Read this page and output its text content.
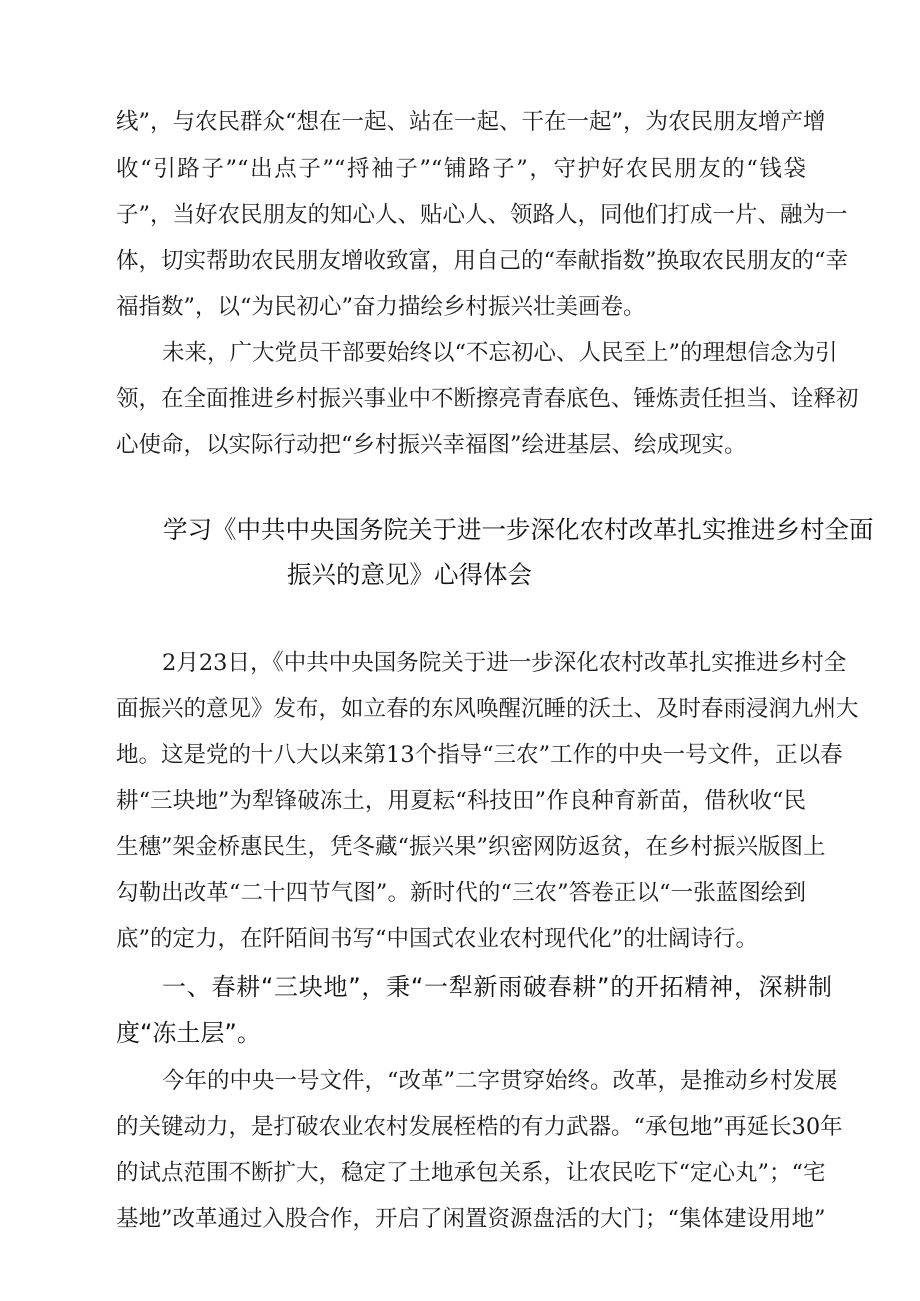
线”，与农民群众“想在一起、站在一起、干在一起”，为农民朋友增产增
收“引路子”“出点子”“捋袖子”“铺路子”，守护好农民朋友的“钱袋
子”，当好农民朋友的知心人、贴心人、领路人，同他们打成一片、融为一
体，切实帮助农民朋友增收致富，用自己的“奉献指数”换取农民朋友的“幸
福指数”，以“为民初心”奋力描绘乡村振兴壮美画卷。
未来，广大党员干部要始终以“不忘初心、人民至上”的理想信念为引
领，在全面推进乡村振兴事业中不断擦亮青春底色、锤炼责任担当、诠释初
心使命，以实际行动把“乡村振兴幸福图”绘进基层、绘成现实。
学习《中共中央国务院关于进一步深化农村改革扎实推进乡村全面
振兴的意见》心得体会
2月23日，《中共中央国务院关于进一步深化农村改革扎实推进乡村全
面振兴的意见》发布，如立春的东风唤醒沉睡的沃土、及时春雨浸润九州大
地。这是党的十八大以来第13个指导“三农”工作的中央一号文件，正以春
耕“三块地”为犁锋破冻土，用夏耘“科技田”作良种育新苗，借秋收“民
生穗”架金桥惠民生，凭冬藏“振兴果”织密网防返贫，在乡村振兴版图上
勾勒出改革“二十四节气图”。新时代的“三农”答卷正以“一张蓝图绘到
底”的定力，在阡陌间书写“中国式农业农村现代化”的壮阔诗行。
一、春耕“三块地”，秉“一犁新雨破春耕”的开拓精神，深耕制
度“冻土层”。
今年的中央一号文件，“改革”二字贯穿始终。改革，是推动乡村发展
的关键动力，是打破农业农村发展桎梏的有力武器。“承包地”再延长30年
的试点范围不断扩大，稳定了土地承包关系，让农民吃下“定心丸”；“宅
基地”改革通过入股合作，开启了闲置资源盘活的大门；“集体建设用地”
